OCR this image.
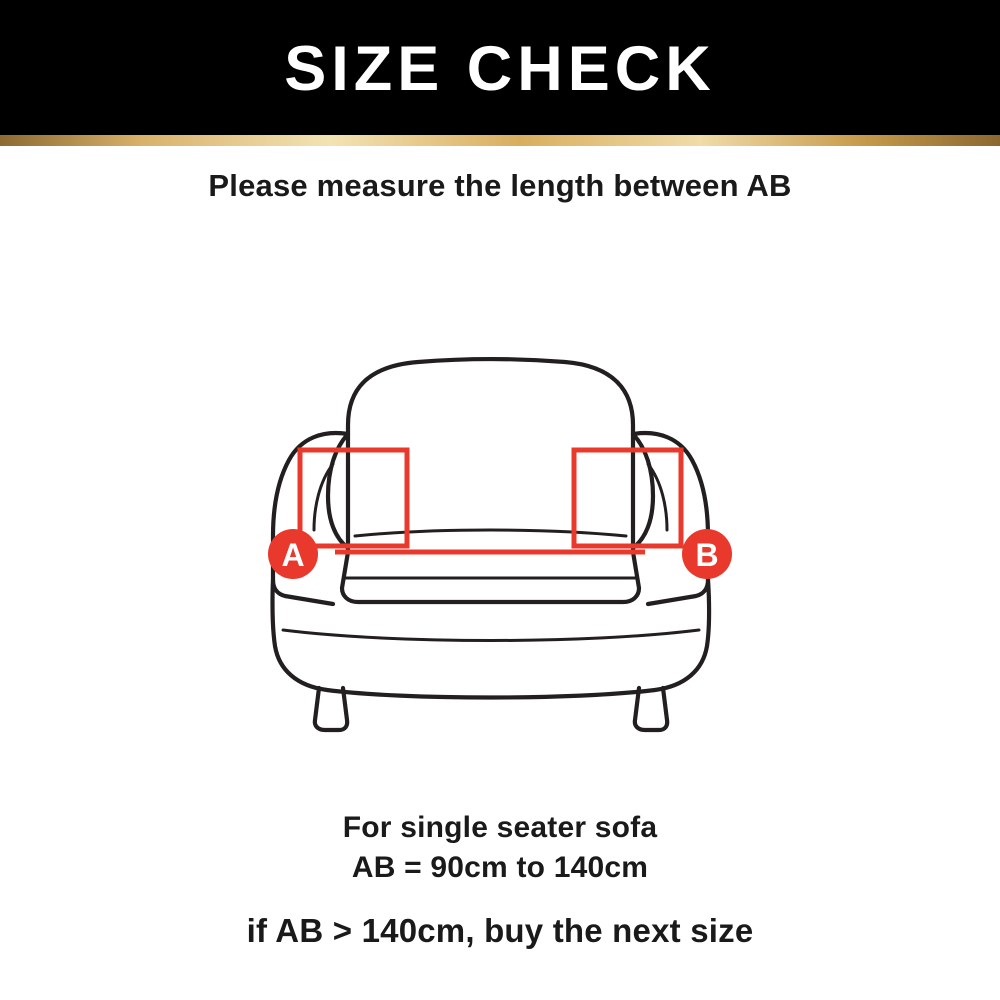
SIZE CHECK
Please measure the length between AB
A	B
For single seater sofa
AB = 90cm to 140cm
if AB > 140cm, buy the next size
